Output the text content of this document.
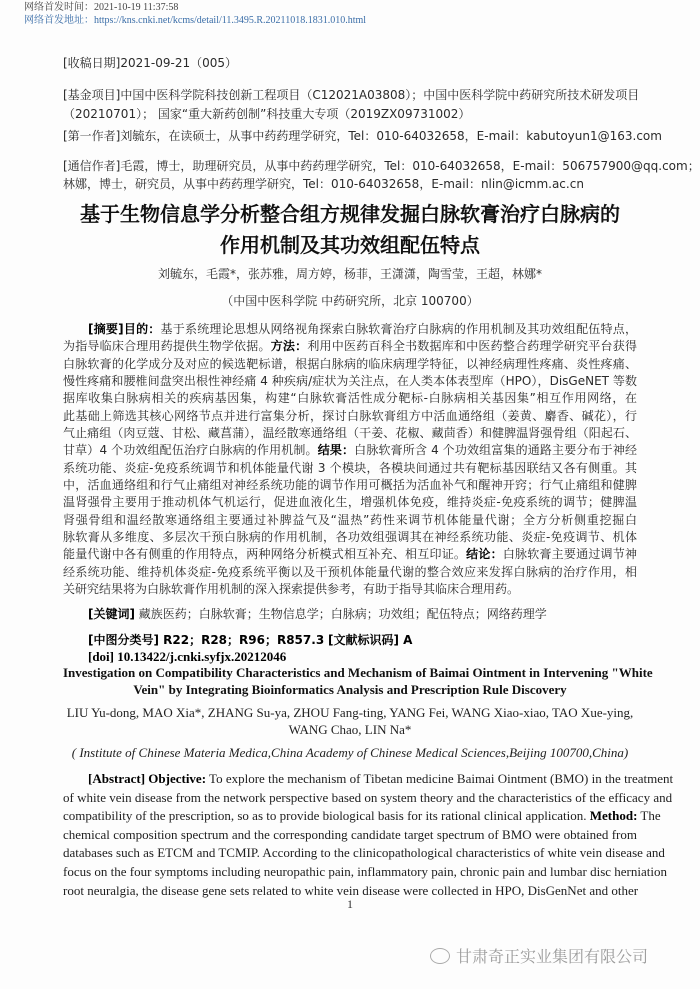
网络首发时间：2021-10-19 11:37:58
网络首发地址：https://kns.cnki.net/kcms/detail/11.3495.R.20211018.1831.010.html
[收稿日期]2021-09-21（005）
[基金项目]中国中医科学院科技创新工程项目（C12021A03808）；中国中医科学院中药研究所技术研发项目
（20210701）； 国家“重大新药创制”科技重大专项（2019ZX09731002）
[第一作者]刘毓东，在读硕士，从事中药药理学研究，Tel：010-64032658，E-mail：kabutoyun1@163.com
[通信作者]毛霞，博士，助理研究员，从事中药药理学研究，Tel：010-64032658，E-mail：506757900@qq.com；
林娜，博士，研究员，从事中药药理学研究，Tel：010-64032658，E-mail：nlin@icmm.ac.cn
基于生物信息学分析整合组方规律发掘白脉软膏治疗白脉病的
作用机制及其功效组配伍特点
刘毓东，毛霞*，张苏雅，周方婷，杨菲，王潇潇，陶雪莹，王超，林娜*
（中国中医科学院 中药研究所，北京 100700）
[摘要]目的：基于系统理论思想从网络视角探索白脉软膏治疗白脉病的作用机制及其功效组配伍特点，
为指导临床合理用药提供生物学依据。方法：利用中医药百科全书数据库和中医药整合药理学研究平台获得
白脉软膏的化学成分及对应的候选靶标谱，根据白脉病的临床病理学特征，以神经病理性疼痛、炎性疼痛、
慢性疼痛和腰椎间盘突出根性神经痛 4 种疾病/症状为关注点，在人类本体表型库（HPO），DisGeNET 等数
据库收集白脉病相关的疾病基因集，构建“白脉软膏活性成分靶标-白脉病相关基因集”相互作用网络，在
此基础上筛选其核心网络节点并进行富集分析，探讨白脉软膏组方中活血通络组（姜黄、麝香、碱花），行
气止痛组（肉豆蔻、甘松、藏菖蒲），温经散寒通络组（干姜、花椒、藏茴香）和健脾温肾强骨组（阳起石、
甘草）4 个功效组配伍治疗白脉病的作用机制。结果：白脉软膏所含 4 个功效组富集的通路主要分布于神经
系统功能、炎症-免疫系统调节和机体能量代谢 3 个模块，各模块间通过共有靶标基因联结又各有侧重。其
中，活血通络组和行气止痛组对神经系统功能的调节作用可概括为活血补气和醒神开窍；行气止痛组和健脾
温肾强骨主要用于推动机体气机运行，促进血液化生，增强机体免疫，维持炎症-免疫系统的调节；健脾温
肾强骨组和温经散寒通络组主要通过补脾益气及“温热”药性来调节机体能量代谢；全方分析侧重挖掘白
脉软膏从多维度、多层次干预白脉病的作用机制，各功效组强调其在神经系统功能、炎症-免疫调节、机体
能量代谢中各有侧重的作用特点，两种网络分析模式相互补充、相互印证。结论：白脉软膏主要通过调节神
经系统功能、维持机体炎症-免疫系统平衡以及干预机体能量代谢的整合效应来发挥白脉病的治疗作用，相
关研究结果将为白脉软膏作用机制的深入探索提供参考，有助于指导其临床合理用药。
[关键词] 藏族医药；白脉软膏；生物信息学；白脉病；功效组；配伍特点；网络药理学
[中图分类号] R22；R28；R96；R857.3 [文献标识码] A
[doi] 10.13422/j.cnki.syfjx.20212046
Investigation on Compatibility Characteristics and Mechanism of Baimai Ointment in Intervening "White
Vein" by Integrating Bioinformatics Analysis and Prescription Rule Discovery
LIU Yu-dong, MAO Xia*, ZHANG Su-ya, ZHOU Fang-ting, YANG Fei, WANG Xiao-xiao, TAO Xue-ying,
WANG Chao, LIN Na*
( Institute of Chinese Materia Medica,China Academy of Chinese Medical Sciences,Beijing 100700,China)
[Abstract] Objective: To explore the mechanism of Tibetan medicine Baimai Ointment (BMO) in the treatment
of white vein disease from the network perspective based on system theory and the characteristics of the efficacy and
compatibility of the prescription, so as to provide biological basis for its rational clinical application. Method: The
chemical composition spectrum and the corresponding candidate target spectrum of BMO were obtained from
databases such as ETCM and TCMIP. According to the clinicopathological characteristics of white vein disease and
focus on the four symptoms including neuropathic pain, inflammatory pain, chronic pain and lumbar disc herniation
root neuralgia, the disease gene sets related to white vein disease were collected in HPO, DisGenNet and other
1
甘肃奇正实业集团有限公司
